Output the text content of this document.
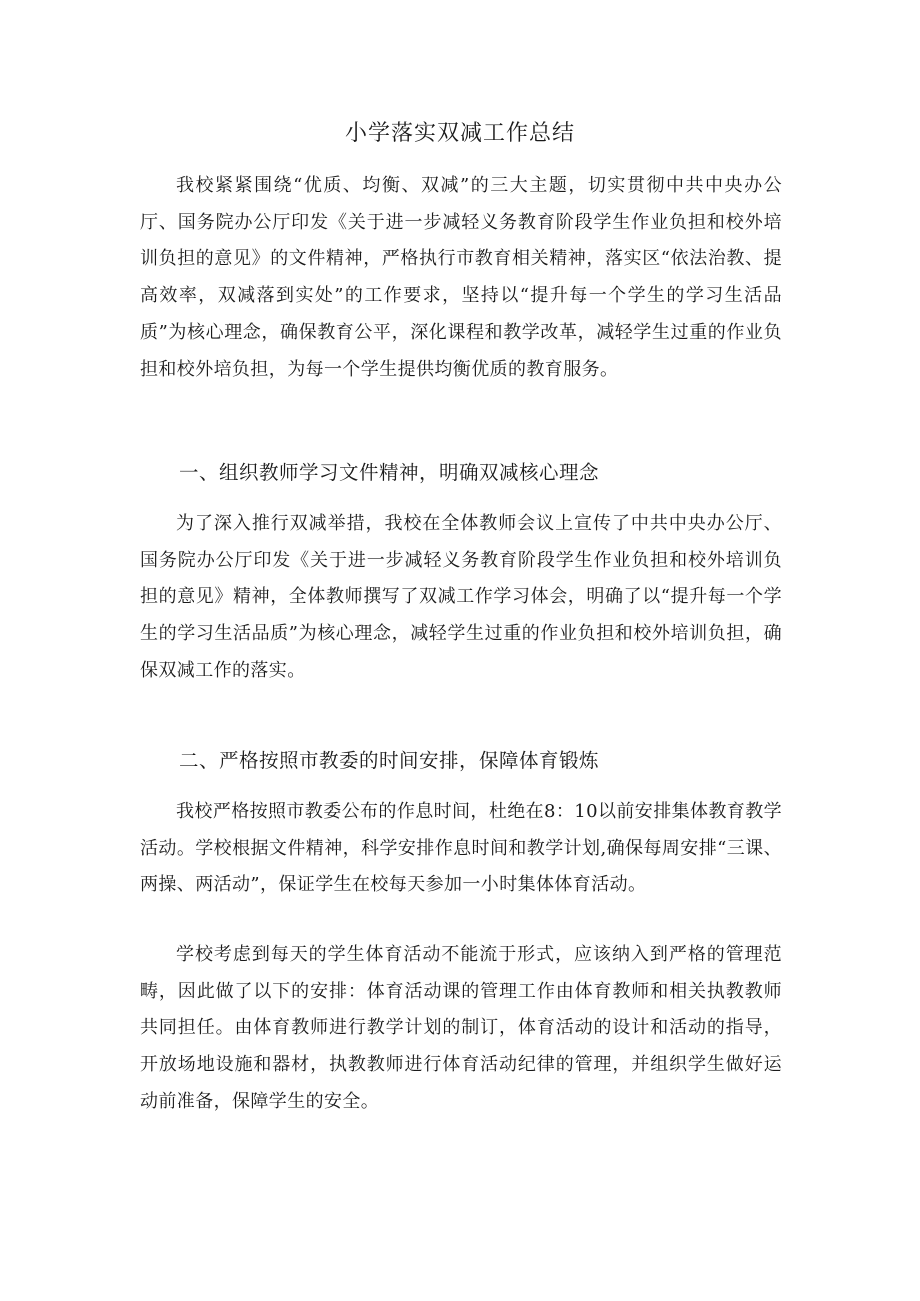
小学落实双减工作总结

我校紧紧围绕“优质、均衡、双减”的三大主题，切实贯彻中共中央办公厅、国务院办公厅印发《关于进一步减轻义务教育阶段学生作业负担和校外培训负担的意见》的文件精神，严格执行市教育相关精神，落实区“依法治教、提高效率，双减落到实处”的工作要求，坚持以“提升每一个学生的学习生活品质”为核心理念，确保教育公平，深化课程和教学改革，减轻学生过重的作业负担和校外培负担，为每一个学生提供均衡优质的教育服务。

一、组织教师学习文件精神，明确双减核心理念

为了深入推行双减举措，我校在全体教师会议上宣传了中共中央办公厅、国务院办公厅印发《关于进一步减轻义务教育阶段学生作业负担和校外培训负担的意见》精神，全体教师撰写了双减工作学习体会，明确了以“提升每一个学生的学习生活品质”为核心理念，减轻学生过重的作业负担和校外培训负担，确保双减工作的落实。

二、严格按照市教委的时间安排，保障体育锻炼

我校严格按照市教委公布的作息时间，杜绝在8：10以前安排集体教育教学活动。学校根据文件精神，科学安排作息时间和教学计划,确保每周安排“三课、两操、两活动”，保证学生在校每天参加一小时集体体育活动。

学校考虑到每天的学生体育活动不能流于形式，应该纳入到严格的管理范畴，因此做了以下的安排：体育活动课的管理工作由体育教师和相关执教教师共同担任。由体育教师进行教学计划的制订，体育活动的设计和活动的指导，开放场地设施和器材，执教教师进行体育活动纪律的管理，并组织学生做好运动前准备，保障学生的安全。
